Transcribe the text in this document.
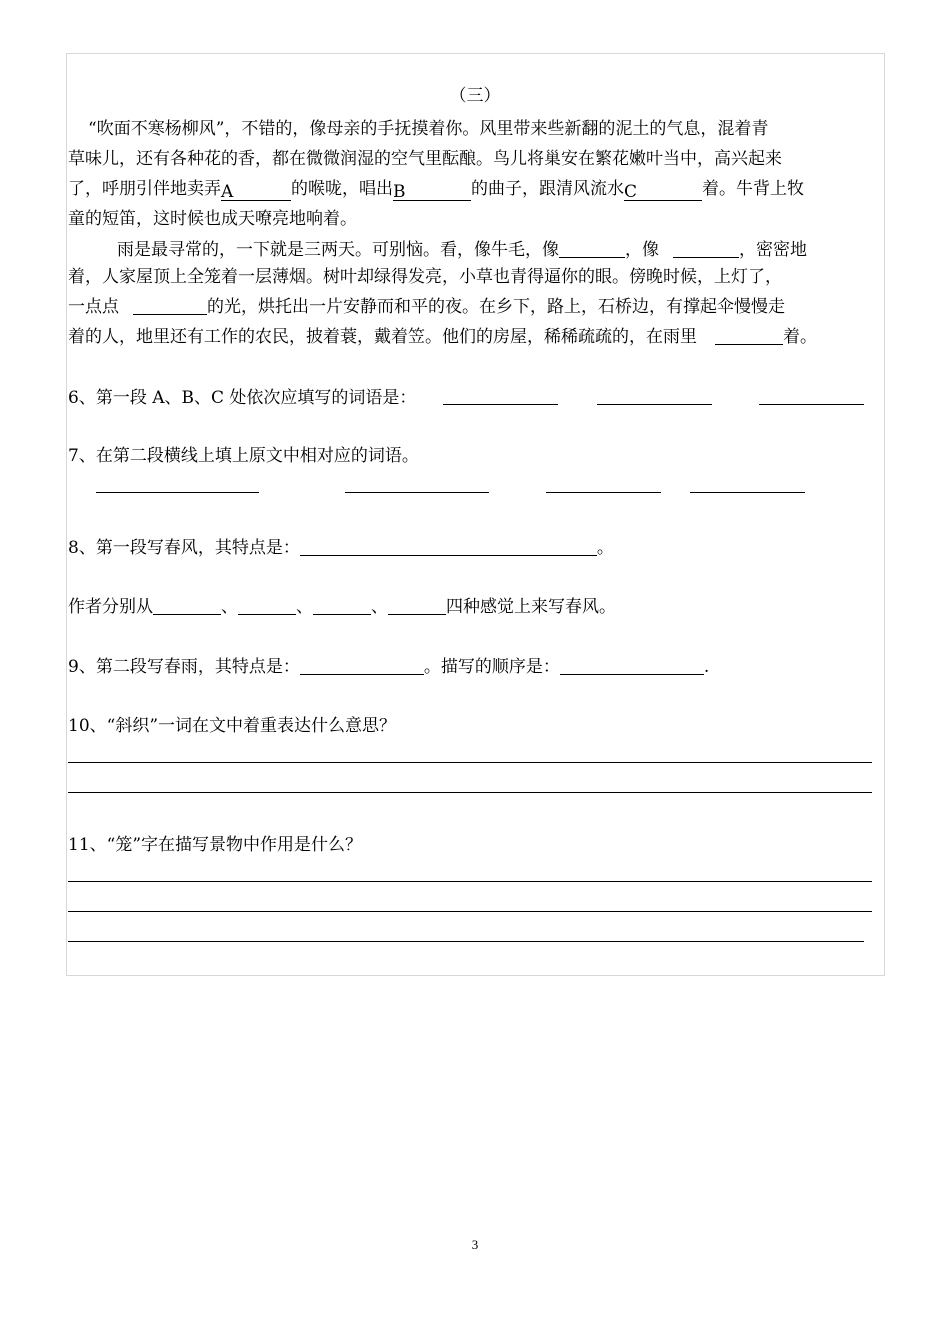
（三）
“吹面不寒杨柳风”，不错的，像母亲的手抚摸着你。风里带来些新翻的泥土的气息，混着青
草味儿，还有各种花的香，都在微微润湿的空气里酝酿。鸟儿将巢安在繁花嫩叶当中，高兴起来
了，呼朋引伴地卖弄A	的喉咙，唱出B	的曲子，跟清风流水C	着。牛背上牧
童的短笛，这时候也成天嘹亮地响着。
雨是最寻常的，一下就是三两天。可别恼。看，像牛毛，像	，像	，密密地
着，人家屋顶上全笼着一层薄烟。树叶却绿得发亮，小草也青得逼你的眼。傍晚时候，上灯了，
一点点	的光，烘托出一片安静而和平的夜。在乡下，路上，石桥边，有撑起伞慢慢走
着的人，地里还有工作的农民，披着蓑，戴着笠。他们的房屋，稀稀疏疏的，在雨里	着。
6、第一段 A、B、C 处依次应填写的词语是：
7、在第二段横线上填上原文中相对应的词语。
8、第一段写春风，其特点是：	。
作者分别从	、	、	、	四种感觉上来写春风。
9、第二段写春雨，其特点是：	。描写的顺序是：	.
10、“斜织”一词在文中着重表达什么意思？
11、“笼”字在描写景物中作用是什么？
3
